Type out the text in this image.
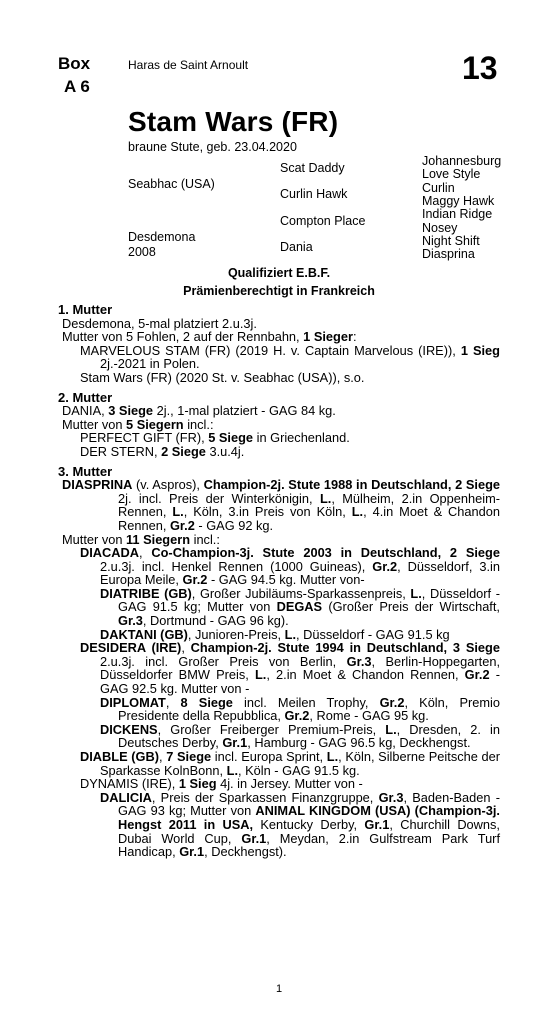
Box
A 6
Haras de Saint Arnoult	13
Stam Wars (FR)
braune Stute, geb. 23.04.2020
Seabhac (USA)
Desdemona
2008
Scat Daddy
Curlin Hawk
Compton Place
Dania
Johannesburg
Love Style
Curlin
Maggy Hawk
Indian Ridge
Nosey
Night Shift
Diasprina
Qualifiziert E.B.F.
Prämienberechtigt in Frankreich
1. Mutter
Desdemona, 5-mal platziert 2.u.3j.
Mutter von 5 Fohlen, 2 auf der Rennbahn, 1 Sieger:
MARVELOUS STAM (FR) (2019 H. v. Captain Marvelous (IRE)), 1 Sieg 2j.-2021 in Polen.
Stam Wars (FR) (2020 St. v. Seabhac (USA)), s.o.
2. Mutter
DANIA, 3 Siege 2j., 1-mal platziert - GAG 84 kg.
Mutter von 5 Siegern incl.:
PERFECT GIFT (FR), 5 Siege in Griechenland.
DER STERN, 2 Siege 3.u.4j.
3. Mutter
DIASPRINA (v. Aspros), Champion-2j. Stute 1988 in Deutschland, 2 Siege 2j. incl. Preis der Winterkönigin, L., Mülheim, 2.in Oppenheim-Rennen, L., Köln, 3.in Preis von Köln, L., 4.in Moet & Chandon Rennen, Gr.2 - GAG 92 kg.
Mutter von 11 Siegern incl.:
DIACADA, Co-Champion-3j. Stute 2003 in Deutschland, 2 Siege 2.u.3j. incl. Henkel Rennen (1000 Guineas), Gr.2, Düsseldorf, 3.in Europa Meile, Gr.2 - GAG 94.5 kg. Mutter von-
DIATRIBE (GB), Großer Jubiläums-Sparkassenpreis, L., Düsseldorf - GAG 91.5 kg; Mutter von DEGAS (Großer Preis der Wirtschaft, Gr.3, Dortmund - GAG 96 kg).
DAKTANI (GB), Junioren-Preis, L., Düsseldorf - GAG 91.5 kg
DESIDERA (IRE), Champion-2j. Stute 1994 in Deutschland, 3 Siege 2.u.3j. incl. Großer Preis von Berlin, Gr.3, Berlin-Hoppegarten, Düsseldorfer BMW Preis, L., 2.in Moet & Chandon Rennen, Gr.2 - GAG 92.5 kg. Mutter von -
DIPLOMAT, 8 Siege incl. Meilen Trophy, Gr.2, Köln, Premio Presidente della Repubblica, Gr.2, Rome - GAG 95 kg.
DICKENS, Großer Freiberger Premium-Preis, L., Dresden, 2. in Deutsches Derby, Gr.1, Hamburg - GAG 96.5 kg, Deckhengst.
DIABLE (GB), 7 Siege incl. Europa Sprint, L., Köln, Silberne Peitsche der Sparkasse KolnBonn, L., Köln - GAG 91.5 kg.
DYNAMIS (IRE), 1 Sieg 4j. in Jersey. Mutter von -
DALICIA, Preis der Sparkassen Finanzgruppe, Gr.3, Baden-Baden - GAG 93 kg; Mutter von ANIMAL KINGDOM (USA) (Champion-3j. Hengst 2011 in USA, Kentucky Derby, Gr.1, Churchill Downs, Dubai World Cup, Gr.1, Meydan, 2.in Gulfstream Park Turf Handicap, Gr.1, Deckhengst).
1
